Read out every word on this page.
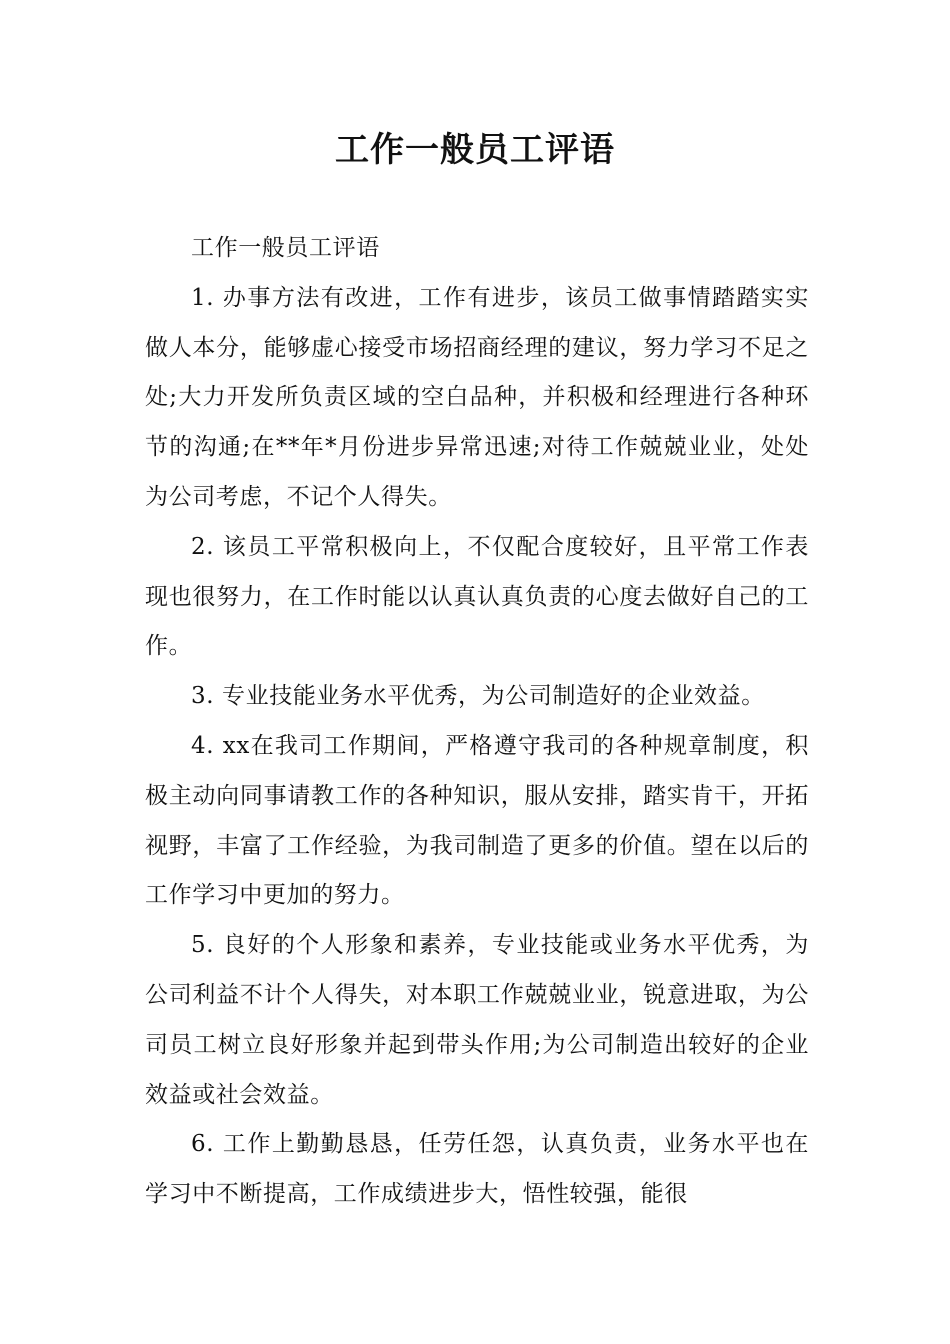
工作一般员工评语

工作一般员工评语

1. 办事方法有改进，工作有进步，该员工做事情踏踏实实做人本分，能够虚心接受市场招商经理的建议，努力学习不足之处;大力开发所负责区域的空白品种，并积极和经理进行各种环节的沟通;在**年*月份进步异常迅速;对待工作兢兢业业，处处为公司考虑，不记个人得失。

2. 该员工平常积极向上，不仅配合度较好，且平常工作表现也很努力，在工作时能以认真认真负责的心度去做好自己的工作。

3. 专业技能业务水平优秀，为公司制造好的企业效益。

4. xx在我司工作期间，严格遵守我司的各种规章制度，积极主动向同事请教工作的各种知识，服从安排，踏实肯干，开拓视野，丰富了工作经验，为我司制造了更多的价值。望在以后的工作学习中更加的努力。

5. 良好的个人形象和素养，专业技能或业务水平优秀，为公司利益不计个人得失，对本职工作兢兢业业，锐意进取，为公司员工树立良好形象并起到带头作用;为公司制造出较好的企业效益或社会效益。

6. 工作上勤勤恳恳，任劳任怨，认真负责，业务水平也在学习中不断提高，工作成绩进步大，悟性较强，能很
